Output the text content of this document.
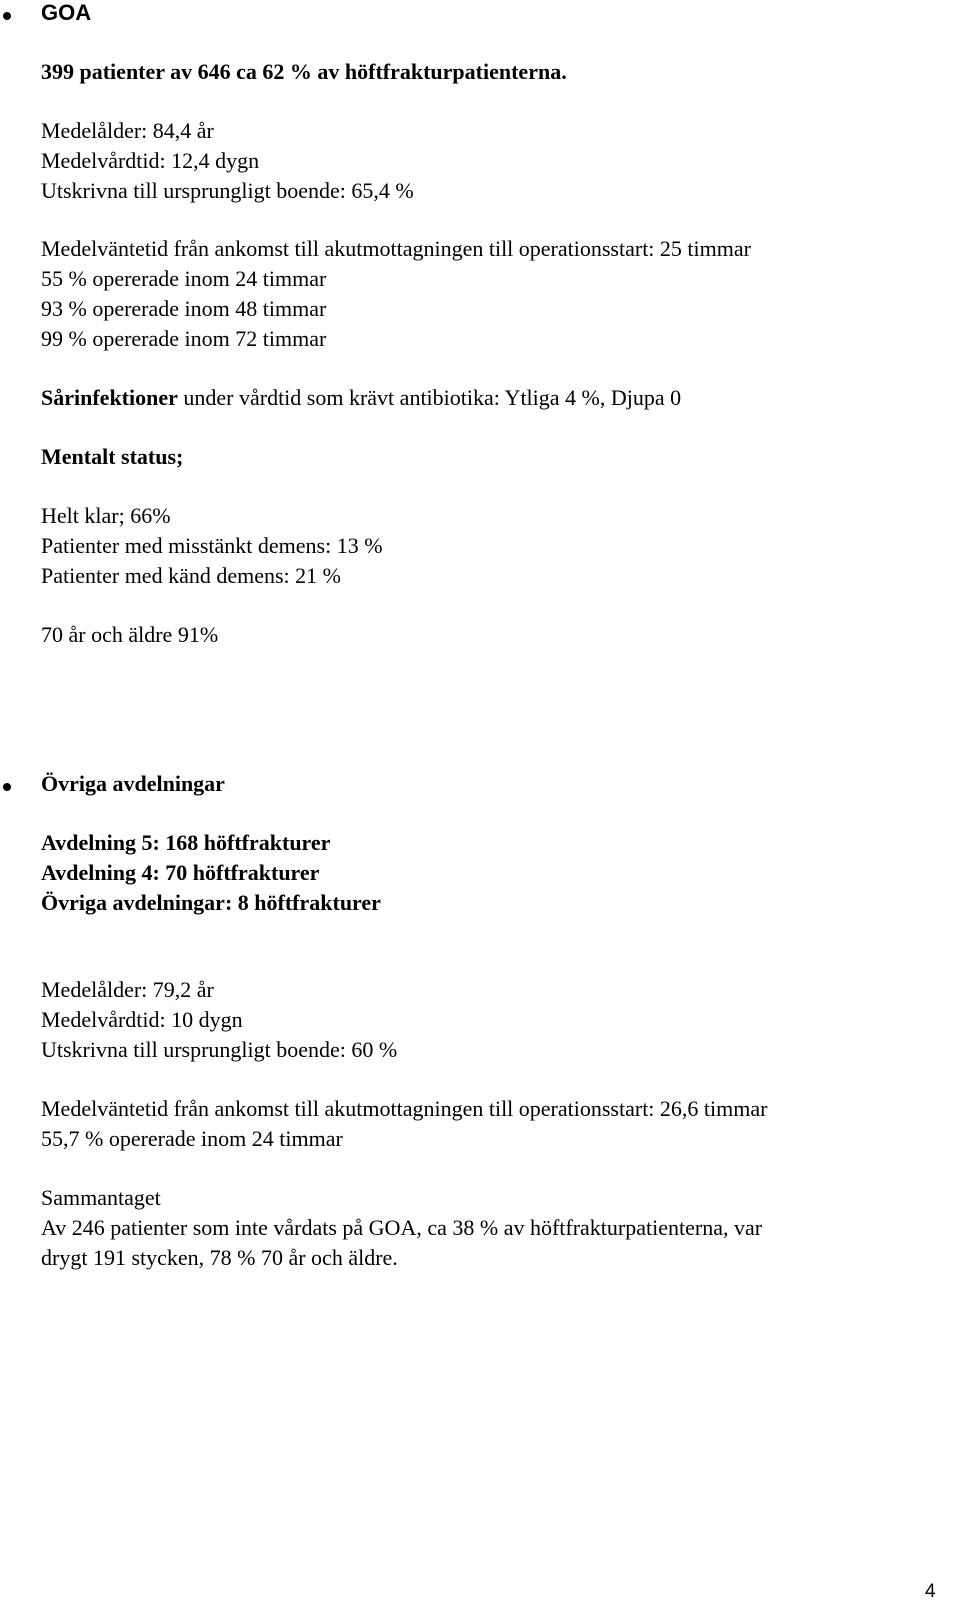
GOA

399 patienter av 646 ca 62 % av höftfrakturpatienterna.

Medelålder: 84,4 år

Medelvårdtid: 12,4 dygn

Utskrivna till ursprungligt boende: 65,4 %

Medelväntetid från ankomst till akutmottagningen till operationsstart: 25 timmar

55 % opererade inom 24 timmar

93 % opererade inom 48 timmar

99 % opererade inom 72 timmar

Sårinfektioner under vårdtid som krävt antibiotika: Ytliga 4 %, Djupa 0

Mentalt status;

Helt klar; 66%

Patienter med misstänkt demens: 13 %

Patienter med känd demens: 21 %

70 år och äldre 91%

Övriga avdelningar

Avdelning 5: 168 höftfrakturer

Avdelning 4: 70 höftfrakturer

Övriga avdelningar: 8 höftfrakturer

Medelålder: 79,2 år

Medelvårdtid: 10 dygn

Utskrivna till ursprungligt boende: 60 %

Medelväntetid från ankomst till akutmottagningen till operationsstart: 26,6 timmar

55,7 % opererade inom 24 timmar

Sammantaget

Av 246 patienter som inte vårdats på GOA, ca 38 % av höftfrakturpatienterna, var

drygt 191 stycken, 78 % 70 år och äldre.

4
